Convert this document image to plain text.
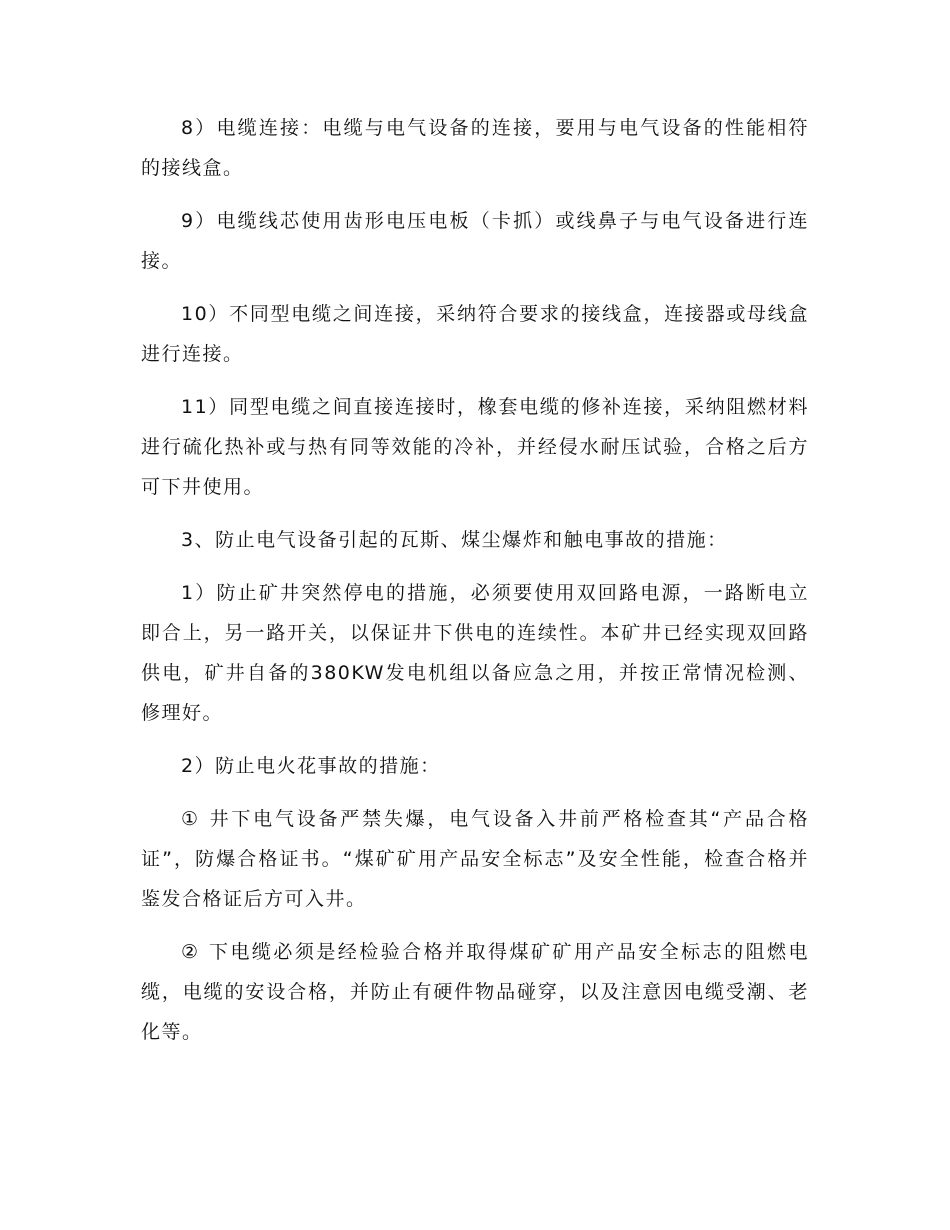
8）电缆连接：电缆与电气设备的连接，要用与电气设备的性能相符的接线盒。

9）电缆线芯使用齿形电压电板（卡抓）或线鼻子与电气设备进行连接。

10）不同型电缆之间连接，采纳符合要求的接线盒，连接器或母线盒进行连接。

11）同型电缆之间直接连接时，橡套电缆的修补连接，采纳阻燃材料进行硫化热补或与热有同等效能的冷补，并经侵水耐压试验，合格之后方可下井使用。

3、防止电气设备引起的瓦斯、煤尘爆炸和触电事故的措施：

1）防止矿井突然停电的措施，必须要使用双回路电源，一路断电立即合上，另一路开关，以保证井下供电的连续性。本矿井已经实现双回路供电，矿井自备的380KW发电机组以备应急之用，并按正常情况检测、修理好。

2）防止电火花事故的措施：

① 井下电气设备严禁失爆，电气设备入井前严格检查其“产品合格证”，防爆合格证书。“煤矿矿用产品安全标志”及安全性能，检查合格并鉴发合格证后方可入井。

② 下电缆必须是经检验合格并取得煤矿矿用产品安全标志的阻燃电缆，电缆的安设合格，并防止有硬件物品碰穿，以及注意因电缆受潮、老化等。
